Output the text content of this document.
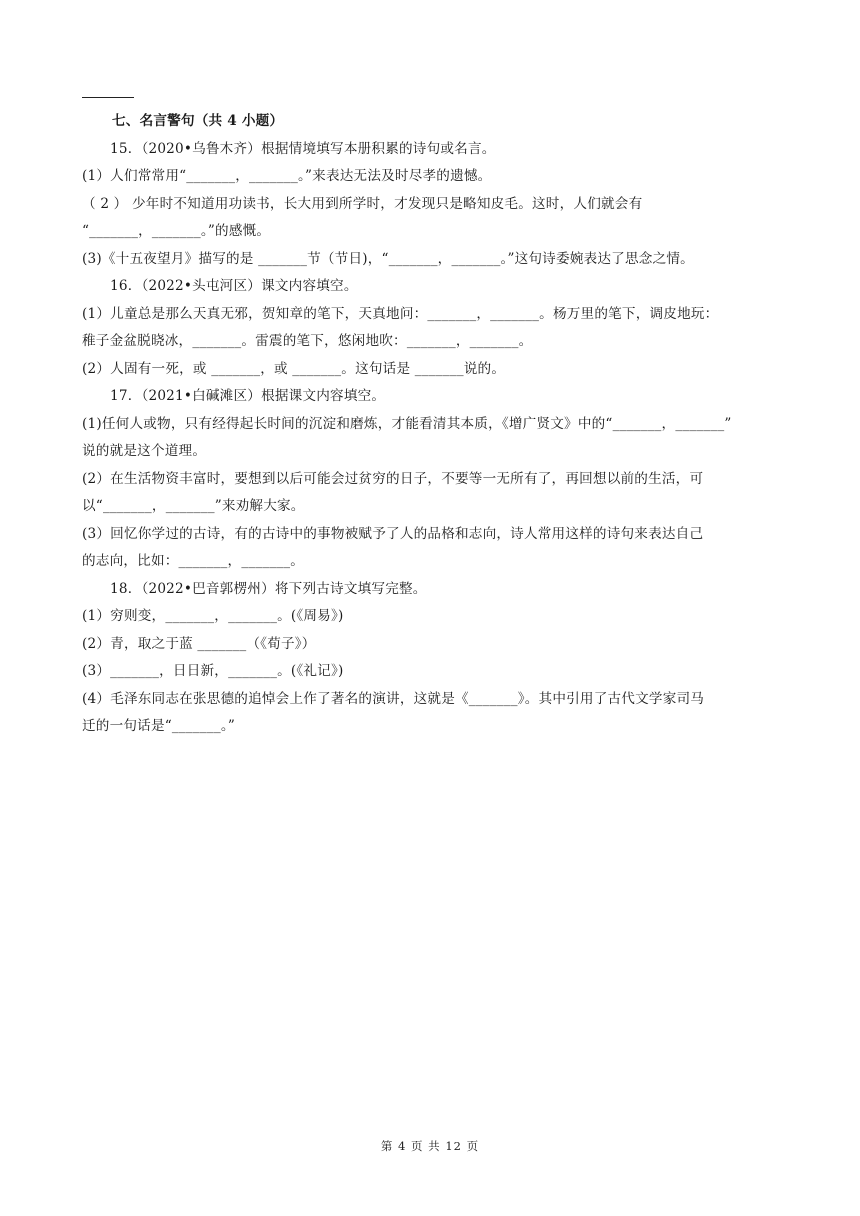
七、名言警句（共 4 小题）
15．（2020•乌鲁木齐）根据情境填写本册积累的诗句或名言。
(1）人们常常用“_______，_______。”来表达无法及时尽孝的遗憾。
（ 2 ） 少年时不知道用功读书，长大用到所学时，才发现只是略知皮毛。这时，人们就会有
“_______，_______。”的感慨。
(3)《十五夜望月》描写的是 _______节（节日)，“_______，_______。”这句诗委婉表达了思念之情。
16．（2022•头屯河区）课文内容填空。
(1）儿童总是那么天真无邪，贺知章的笔下，天真地问：_______，_______。杨万里的笔下，调皮地玩：
稚子金盆脱晓冰，_______。雷震的笔下，悠闲地吹：_______，_______。
(2）人固有一死，或 _______，或 _______。这句话是 _______说的。
17．（2021•白碱滩区）根据课文内容填空。
(1)任何人或物，只有经得起长时间的沉淀和磨炼，才能看清其本质，《增广贤文》中的“_______，_______”
说的就是这个道理。
(2）在生活物资丰富时，要想到以后可能会过贫穷的日子，不要等一无所有了，再回想以前的生活，可
以“_______，_______”来劝解大家。
(3）回忆你学过的古诗，有的古诗中的事物被赋予了人的品格和志向，诗人常用这样的诗句来表达自己
的志向，比如：_______，_______。
18．（2022•巴音郭楞州）将下列古诗文填写完整。
(1）穷则变，_______，_______。(《周易》)
(2）青，取之于蓝 _______（《荀子》）
(3）_______，日日新，_______。(《礼记》)
(4）毛泽东同志在张思德的追悼会上作了著名的演讲，这就是《_______》。其中引用了古代文学家司马
迁的一句话是“_______。”
第 4 页 共 12 页
